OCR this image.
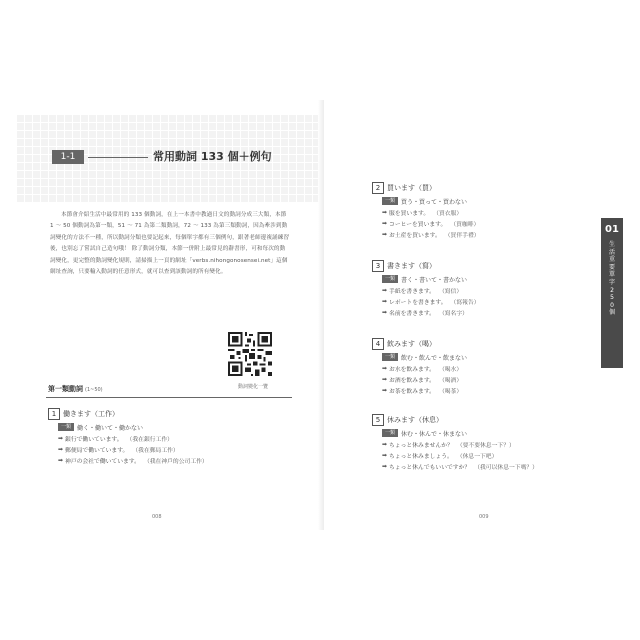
1-1	常用動詞 133 個＋例句
本節會介紹生活中最常用的 133 個動詞，在上一本書中教過日文的動詞分成三大類，本節 1 ～ 50 個動詞為第一類，51 ～ 71 為第二類動詞，72 ～ 133 為第三類動詞，因為牽涉到動詞變化的方法不一種，所以動詞分類也要記起來，每個單字都有三個例句，跟著老師邊複誦練習後，也別忘了嘗試自己造句哦！ 除了動詞分類，本節一併附上最常見的辭書形，可和每次的動詞變化，更完整的動詞變化規則，請掃描上一頁的網址「verbs.nihongonosensei.net」這個網址查詢，只要輸入動詞的任意形式，就可以查到該動詞的所有變化。
動詞變化一覽
第一類動詞 (1~50)
1 働きます（工作）
一類	働く・働いて・働かない
➡ 銀行で働いています。 （我在銀行工作）
➡ 郵便局で働いています。 （我在郵局工作）
➡ 神戸の会社で働いています。 （我在神戶的公司工作）
008
2 買います（買）
一類	買う・買って・買わない
➡ 服を買います。 （買衣服）
➡ コーヒーを買います。 （買咖啡）
➡ お土産を買います。 （買伴手禮）
3 書きます（寫）
一類	書く・書いて・書かない
➡ 手紙を書きます。 （寫信）
➡ レポートを書きます。 （寫報告）
➡ 名前を書きます。 （寫名字）
4 飲みます（喝）
一類	飲む・飲んで・飲まない
➡ お水を飲みます。 （喝水）
➡ お酒を飲みます。 （喝酒）
➡ お茶を飲みます。 （喝茶）
5 休みます（休息）
一類	休む・休んで・休まない
➡ ちょっと休みませんか？ （要不要休息一下？）
➡ ちょっと休みましょう。 （休息一下吧）
➡ ちょっと休んでもいいですか？ （我可以休息一下嗎？）
01
生
活
重
要
單
字
2
5
0
個
009
